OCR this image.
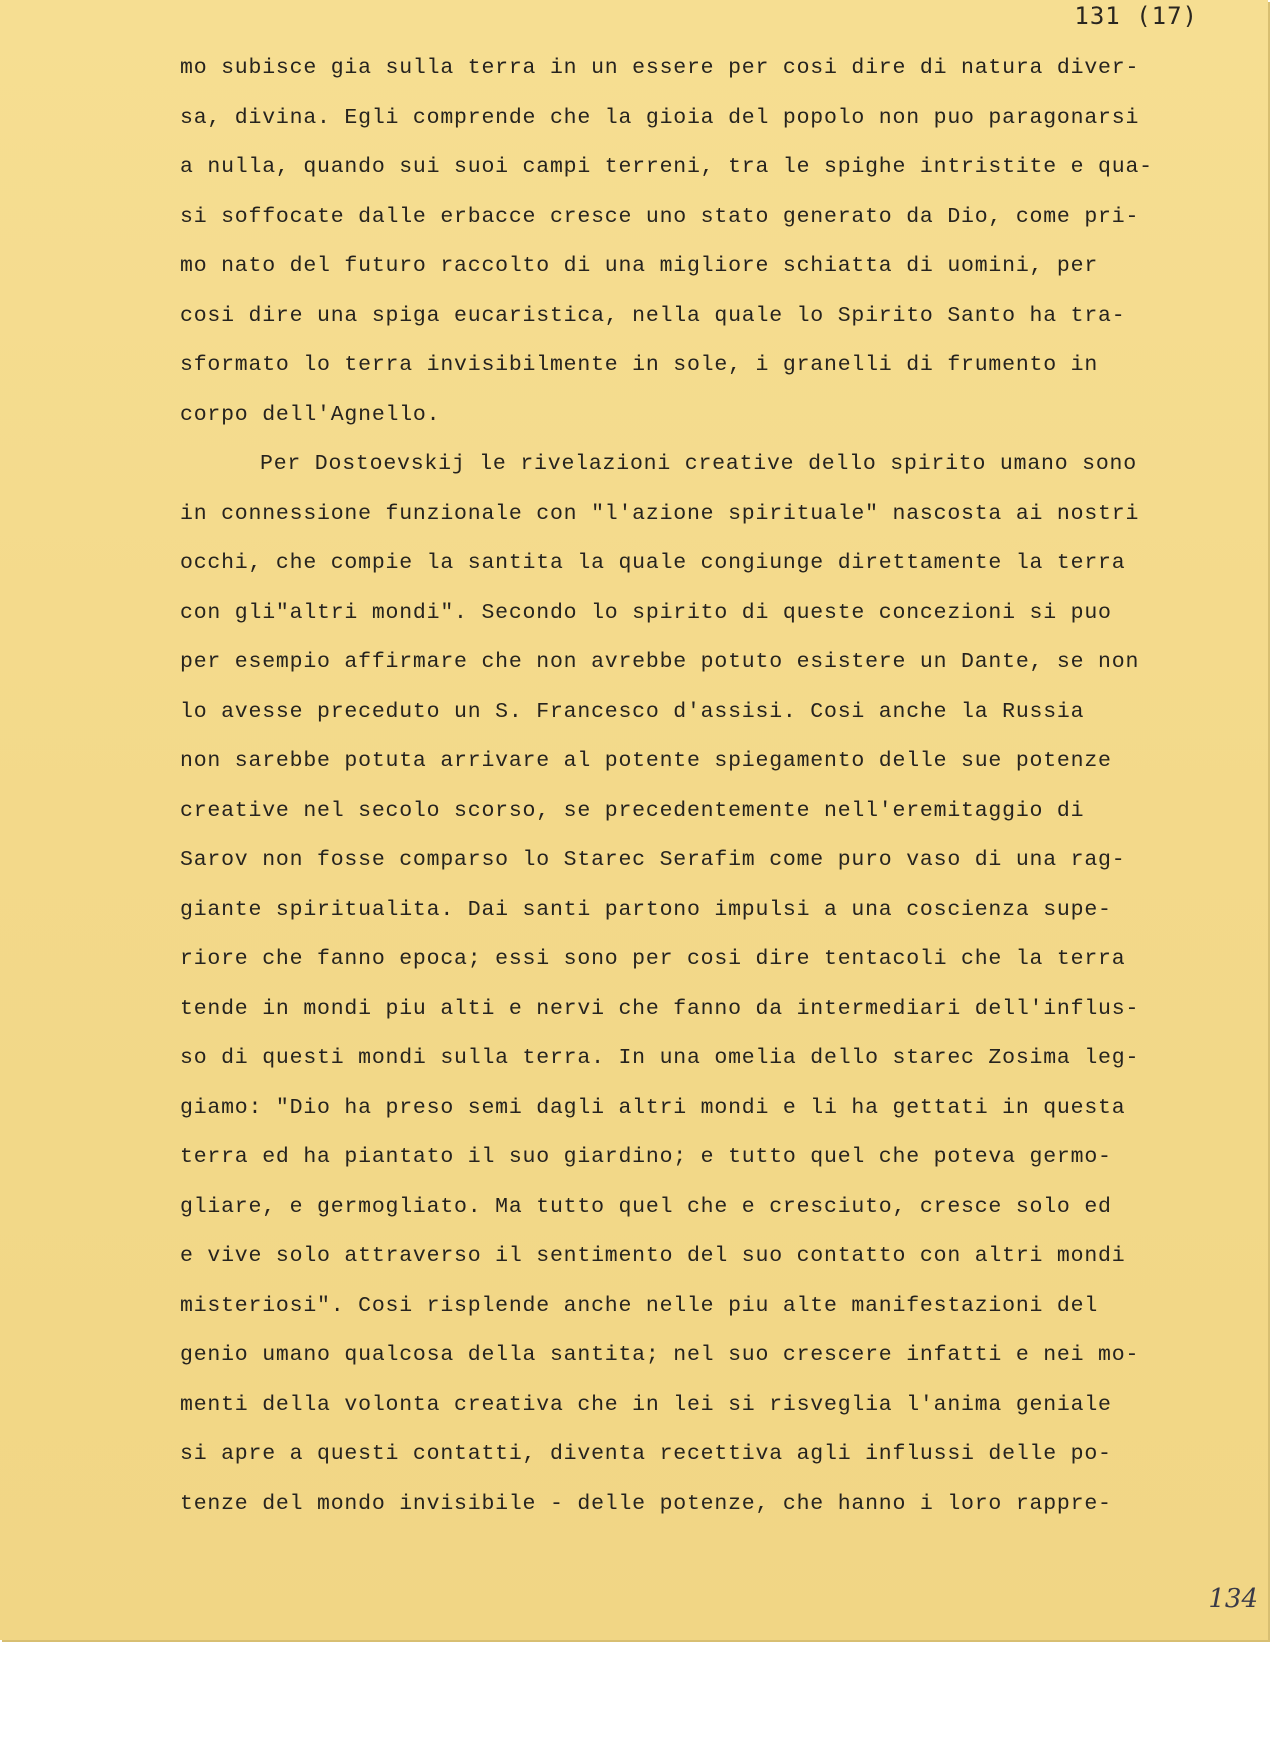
131 (17)
mo subisce gia sulla terra in un essere per cosi dire di natura diver-
sa, divina. Egli comprende che la gioia del popolo non puo paragonarsi
a nulla, quando sui suoi campi terreni, tra le spighe intristite e qua-
si soffocate dalle erbacce cresce uno stato generato da Dio, come pri-
mo nato del futuro raccolto di una migliore schiatta di uomini, per
cosi dire una spiga eucaristica, nella quale lo Spirito Santo ha tra-
sformato lo terra invisibilmente in sole, i granelli di frumento in
corpo dell'Agnello.
Per Dostoevskij le rivelazioni creative dello spirito umano sono
in connessione funzionale con "l'azione spirituale" nascosta ai nostri
occhi, che compie la santita la quale congiunge direttamente la terra
con gli"altri mondi". Secondo lo spirito di queste concezioni si puo
per esempio affirmare che non avrebbe potuto esistere un Dante, se non
lo avesse preceduto un S. Francesco d'assisi. Cosi anche la Russia
non sarebbe potuta arrivare al potente spiegamento delle sue potenze
creative nel secolo scorso, se precedentemente nell'eremitaggio di
Sarov non fosse comparso lo Starec Serafim come puro vaso di una rag-
giante spiritualita. Dai santi partono impulsi a una coscienza supe-
riore che fanno epoca; essi sono per cosi dire tentacoli che la terra
tende in mondi piu alti e nervi che fanno da intermediari dell'influs-
so di questi mondi sulla terra. In una omelia dello starec Zosima leg-
giamo: "Dio ha preso semi dagli altri mondi e li ha gettati in questa
terra ed ha piantato il suo giardino; e tutto quel che poteva germo-
gliare, e germogliato. Ma tutto quel che e cresciuto, cresce solo ed
e vive solo attraverso il sentimento del suo contatto con altri mondi
misteriosi". Cosi risplende anche nelle piu alte manifestazioni del
genio umano qualcosa della santita; nel suo crescere infatti e nei mo-
menti della volonta creativa che in lei si risveglia l'anima geniale
si apre a questi contatti, diventa recettiva agli influssi delle po-
tenze del mondo invisibile - delle potenze, che hanno i loro rappre-
134
